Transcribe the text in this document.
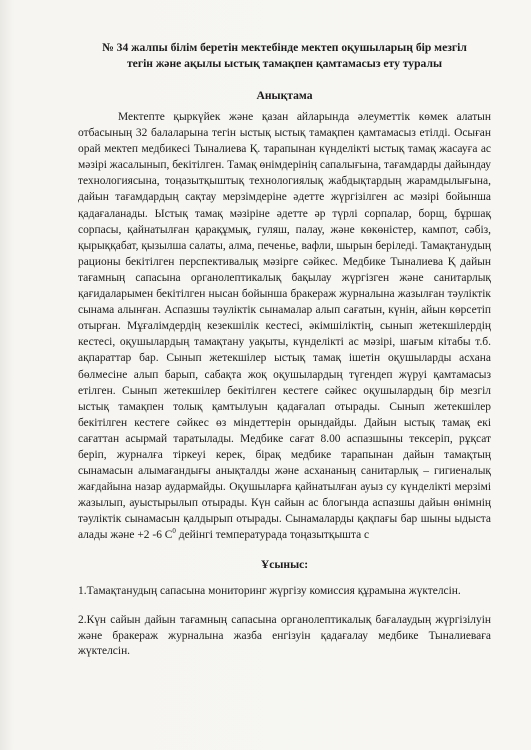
№ 34 жалпы білім беретін мектебінде мектеп оқушыларың бір мезгіл
тегін және ақылы ыстық тамақпен қамтамасыз ету туралы
Анықтама

Мектепте қыркүйек және қазан айларында әлеуметтік көмек алатын отбасының 32 балаларына тегін ыстық ыстық тамақпен қамтамасыз етілді. Осыған орай мектеп медбикесі Тыналиева Қ. тарапынан күнделікті ыстық тамақ жасауға ас мәзірі жасалынып, бекітілген. Тамақ өнімдерінің сапалығына, тағамдарды дайындау технологиясына, тоңазытқыштық технологиялық жабдықтардың жарамдылығына, дайын тағамдардың сақтау мерзімдеріне әдетте жүргізілген ас мәзірі бойынша қадағаланады. Ыстық тамақ мәзіріне әдетте әр түрлі сорпалар, борщ, бұршақ сорпасы, қайнатылған қарақұмық, гуляш, палау, және көкөністер, кампот, сәбіз, қырыққабат, қызылша салаты, алма, печенье, вафли, шырын беріледі. Тамақтанудың рационы бекітілген перспективалық мәзірге сәйкес. Медбике Тыналиева Қ дайын тағамның сапасына органолептикалық бақылау жүргізген және санитарлық қағидаларымен бекітілген нысан бойынша бракераж журналына жазылған тәуліктік сынама алынған. Аспазшы тәуліктік сынамалар алып сағатын, күнін, айын көрсетіп отырған. Мұғалімдердің кезекшілік кестесі, әкімшіліктің, сынып жетекшілердің кестесі, оқушылардың тамақтану уақыты, күнделікті ас мәзірі, шағым кітабы т.б. ақпараттар бар. Сынып жетекшілер ыстық тамақ ішетін оқушыларды асхана бөлмесіне алып барып, сабақта жоқ оқушылардың түгендеп жүруі қамтамасыз етілген. Сынып жетекшілер бекітілген кестеге сәйкес оқушылардың бір мезгіл ыстық тамақпен толық қамтылуын қадағалап отырады. Сынып жетекшілер бекітілген кестеге сәйкес өз міндеттерін орындайды. Дайын ыстық тамақ екі сағаттан асырмай таратылады. Медбике сағат 8.00 аспазшыны тексеріп, рұқсат беріп, журналға тіркеуі керек, бірақ медбике тарапынан дайын тамақтың сынамасын алымағандығы анықталды және асхананың санитарлық – гигиеналық жағдайына назар аудармайды. Оқушыларға қайнатылған ауыз су күнделікті мерзімі жазылып, ауыстырылып отырады. Күн сайын ас блогында аспазшы дайын өнімнің тәуліктік сынамасын қалдырып отырады. Сынамаларды қақпағы бар шыны ыдыста алады және +2 -6 $С^0$ дейінгі температурада тоңазытқышта с

Ұсыныс:

1.Тамақтанудың сапасына мониторинг жүргізу комиссия құрамына жүктелсін.

2.Күн сайын дайын тағамның сапасына органолептикалық бағалаудың жүргізілуін және бракераж журналына жазба енгізуін қадағалау медбике Тыналиеваға жүктелсін.
